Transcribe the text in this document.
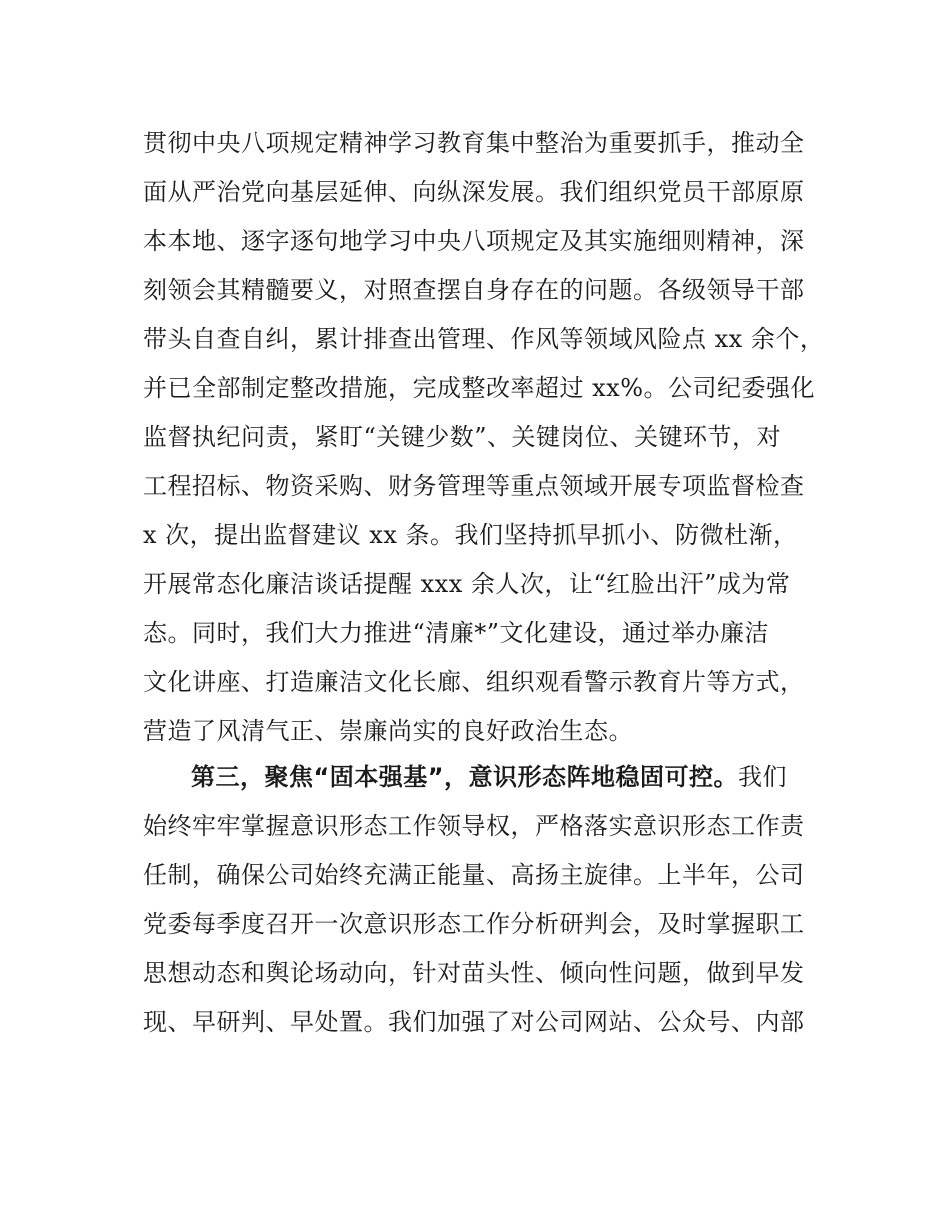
贯彻中央八项规定精神学习教育集中整治为重要抓手，推动全
面从严治党向基层延伸、向纵深发展。我们组织党员干部原原
本本地、逐字逐句地学习中央八项规定及其实施细则精神，深
刻领会其精髓要义，对照查摆自身存在的问题。各级领导干部
带头自查自纠，累计排查出管理、作风等领域风险点 xx 余个，
并已全部制定整改措施，完成整改率超过 xx%。公司纪委强化
监督执纪问责，紧盯“关键少数”、关键岗位、关键环节，对
工程招标、物资采购、财务管理等重点领域开展专项监督检查
x 次，提出监督建议 xx 条。我们坚持抓早抓小、防微杜渐，
开展常态化廉洁谈话提醒 xxx 余人次，让“红脸出汗”成为常
态。同时，我们大力推进“清廉*”文化建设，通过举办廉洁
文化讲座、打造廉洁文化长廊、组织观看警示教育片等方式，
营造了风清气正、崇廉尚实的良好政治生态。
第三，聚焦“固本强基”，意识形态阵地稳固可控。我们
始终牢牢掌握意识形态工作领导权，严格落实意识形态工作责
任制，确保公司始终充满正能量、高扬主旋律。上半年，公司
党委每季度召开一次意识形态工作分析研判会，及时掌握职工
思想动态和舆论场动向，针对苗头性、倾向性问题，做到早发
现、早研判、早处置。我们加强了对公司网站、公众号、内部
